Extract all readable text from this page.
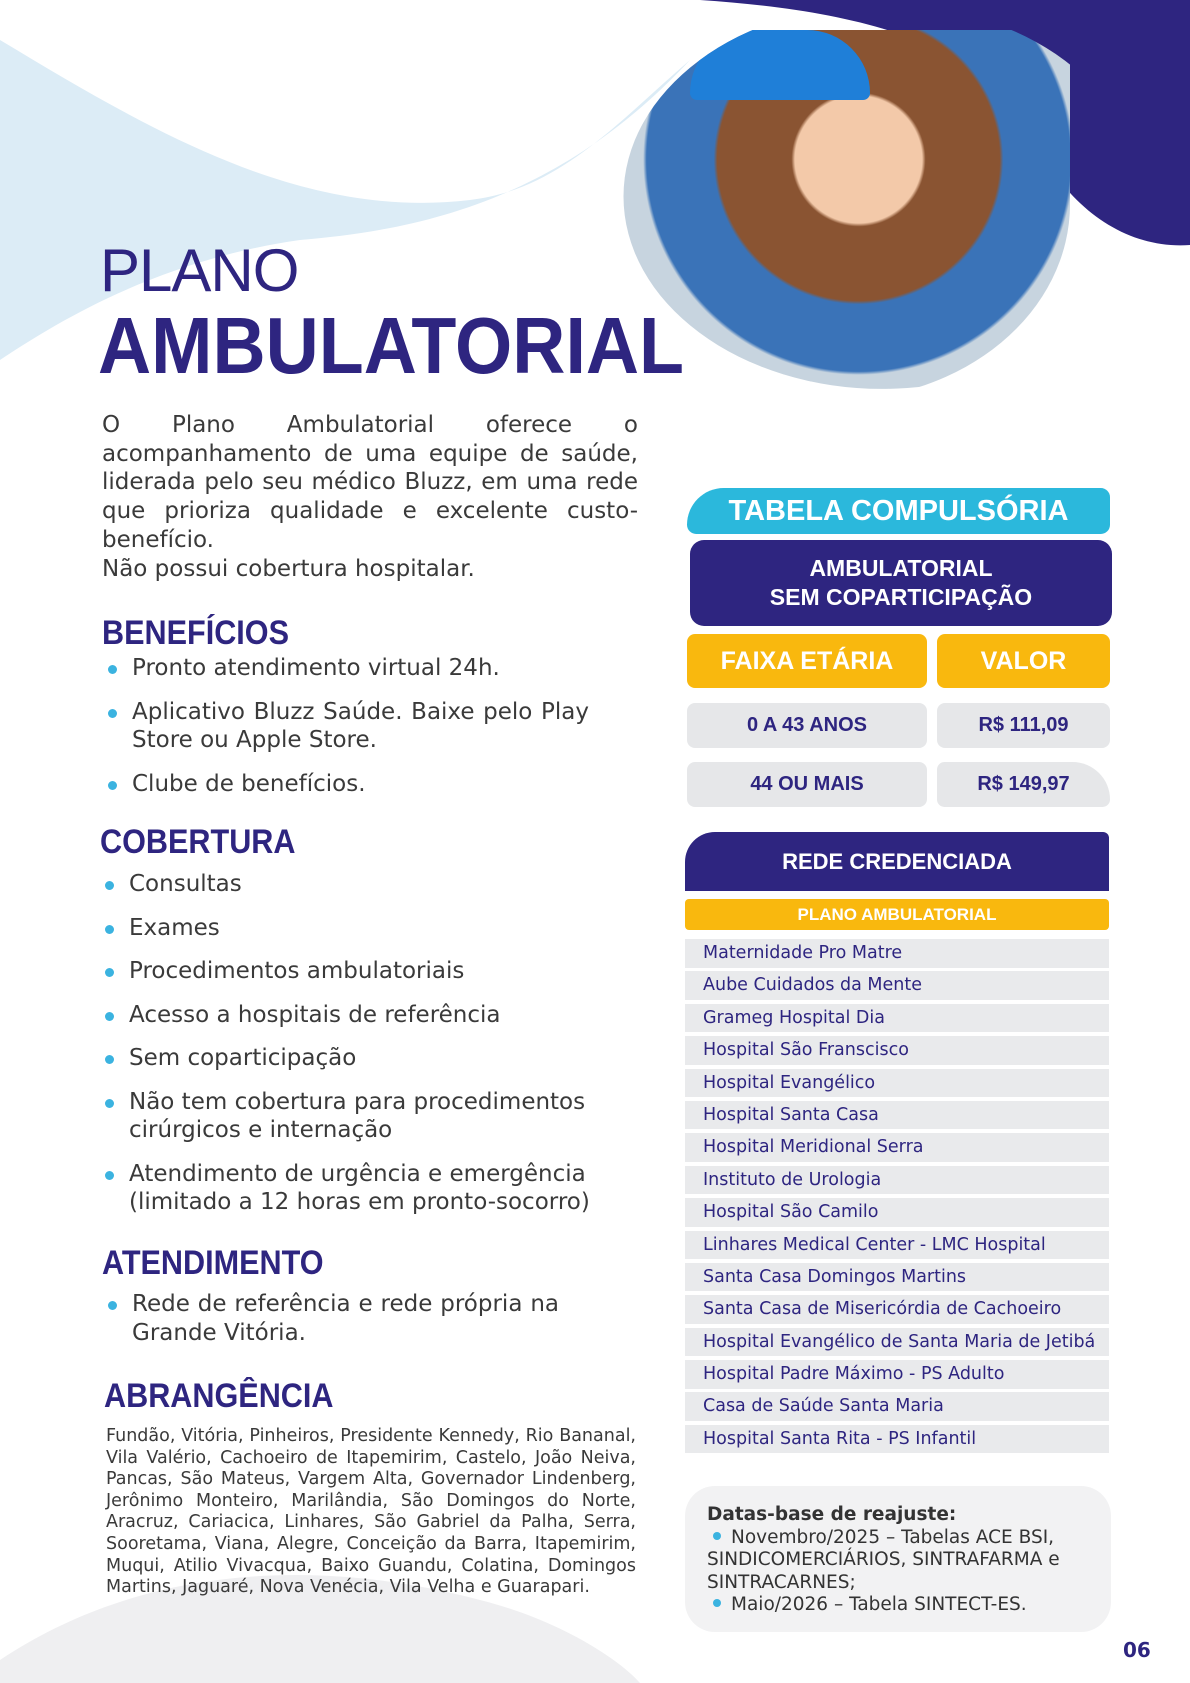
PLANO
AMBULATORIAL

O Plano Ambulatorial oferece o acompanhamento de uma equipe de saúde, liderada pelo seu médico Bluzz, em uma rede que prioriza qualidade e excelente custo-benefício.

Não possui cobertura hospitalar.

BENEFÍCIOS
Pronto atendimento virtual 24h.
Aplicativo Bluzz Saúde. Baixe pelo Play Store ou Apple Store.
Clube de benefícios.
COBERTURA
Consultas
Exames
Procedimentos ambulatoriais
Acesso a hospitais de referência
Sem coparticipação
Não tem cobertura para procedimentos cirúrgicos e internação
Atendimento de urgência e emergência (limitado a 12 horas em pronto-socorro)
ATENDIMENTO
Rede de referência e rede própria na Grande Vitória.
ABRANGÊNCIA

Fundão, Vitória, Pinheiros, Presidente Kennedy, Rio Bananal, Vila Valério, Cachoeiro de Itapemirim, Castelo, João Neiva, Pancas, São Mateus, Vargem Alta, Governador Lindenberg, Jerônimo Monteiro, Marilândia, São Domingos do Norte, Aracruz, Cariacica, Linhares, São Gabriel da Palha, Serra, Sooretama, Viana, Alegre, Conceição da Barra, Itapemirim, Muqui, Atilio Vivacqua, Baixo Guandu, Colatina, Domingos Martins, Jaguaré, Nova Venécia, Vila Velha e Guarapari.

TABELA COMPULSÓRIA
AMBULATORIAL
SEM COPARTICIPAÇÃO
FAIXA ETÁRIA	VALOR
0 A 43 ANOS	R$ 111,09
44 OU MAIS	R$ 149,97
REDE CREDENCIADA
PLANO AMBULATORIAL
Maternidade Pro Matre
Aube Cuidados da Mente
Grameg Hospital Dia
Hospital São Franscisco
Hospital Evangélico
Hospital Santa Casa
Hospital Meridional Serra
Instituto de Urologia
Hospital São Camilo
Linhares Medical Center - LMC Hospital
Santa Casa Domingos Martins
Santa Casa de Misericórdia de Cachoeiro
Hospital Evangélico de Santa Maria de Jetibá
Hospital Padre Máximo - PS Adulto
Casa de Saúde Santa Maria
Hospital Santa Rita - PS Infantil
Datas-base de reajuste:
Novembro/2025 – Tabelas ACE BSI, SINDICOMERCIÁRIOS, SINTRAFARMA e SINTRACARNES;
Maio/2026 – Tabela SINTECT-ES.
06
